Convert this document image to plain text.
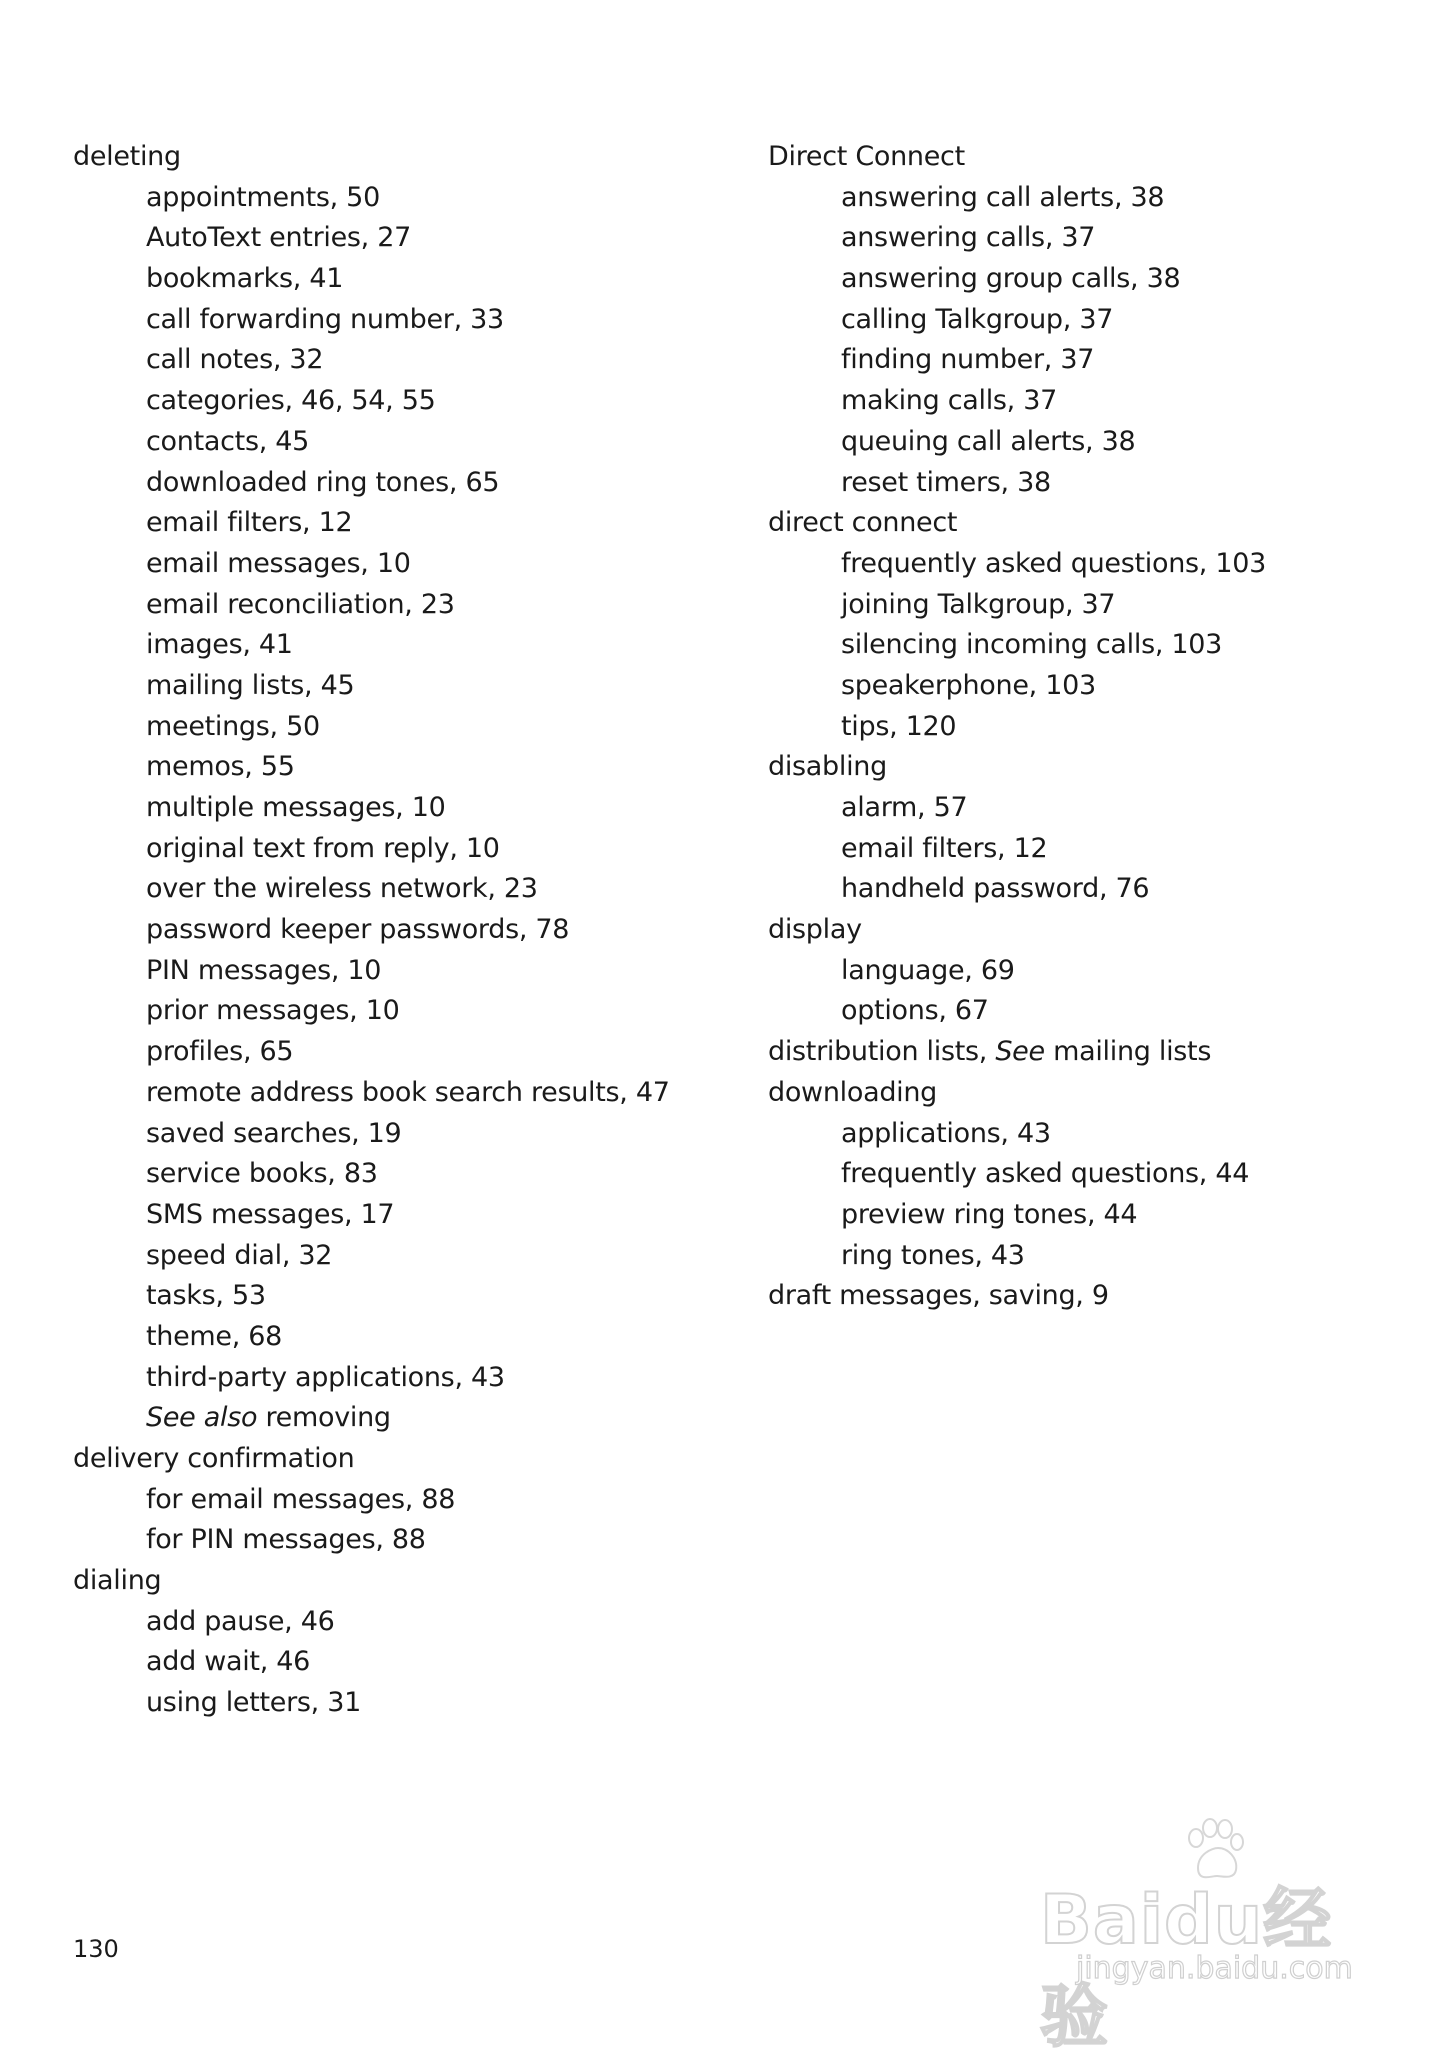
deleting
appointments, 50
AutoText entries, 27
bookmarks, 41
call forwarding number, 33
call notes, 32
categories, 46, 54, 55
contacts, 45
downloaded ring tones, 65
email filters, 12
email messages, 10
email reconciliation, 23
images, 41
mailing lists, 45
meetings, 50
memos, 55
multiple messages, 10
original text from reply, 10
over the wireless network, 23
password keeper passwords, 78
PIN messages, 10
prior messages, 10
profiles, 65
remote address book search results, 47
saved searches, 19
service books, 83
SMS messages, 17
speed dial, 32
tasks, 53
theme, 68
third-party applications, 43
See also removing
delivery confirmation
for email messages, 88
for PIN messages, 88
dialing
add pause, 46
add wait, 46
using letters, 31
Direct Connect
answering call alerts, 38
answering calls, 37
answering group calls, 38
calling Talkgroup, 37
finding number, 37
making calls, 37
queuing call alerts, 38
reset timers, 38
direct connect
frequently asked questions, 103
joining Talkgroup, 37
silencing incoming calls, 103
speakerphone, 103
tips, 120
disabling
alarm, 57
email filters, 12
handheld password, 76
display
language, 69
options, 67
distribution lists, See mailing lists
downloading
applications, 43
frequently asked questions, 44
preview ring tones, 44
ring tones, 43
draft messages, saving, 9
130	Baidu经验
jingyan.baidu.com
